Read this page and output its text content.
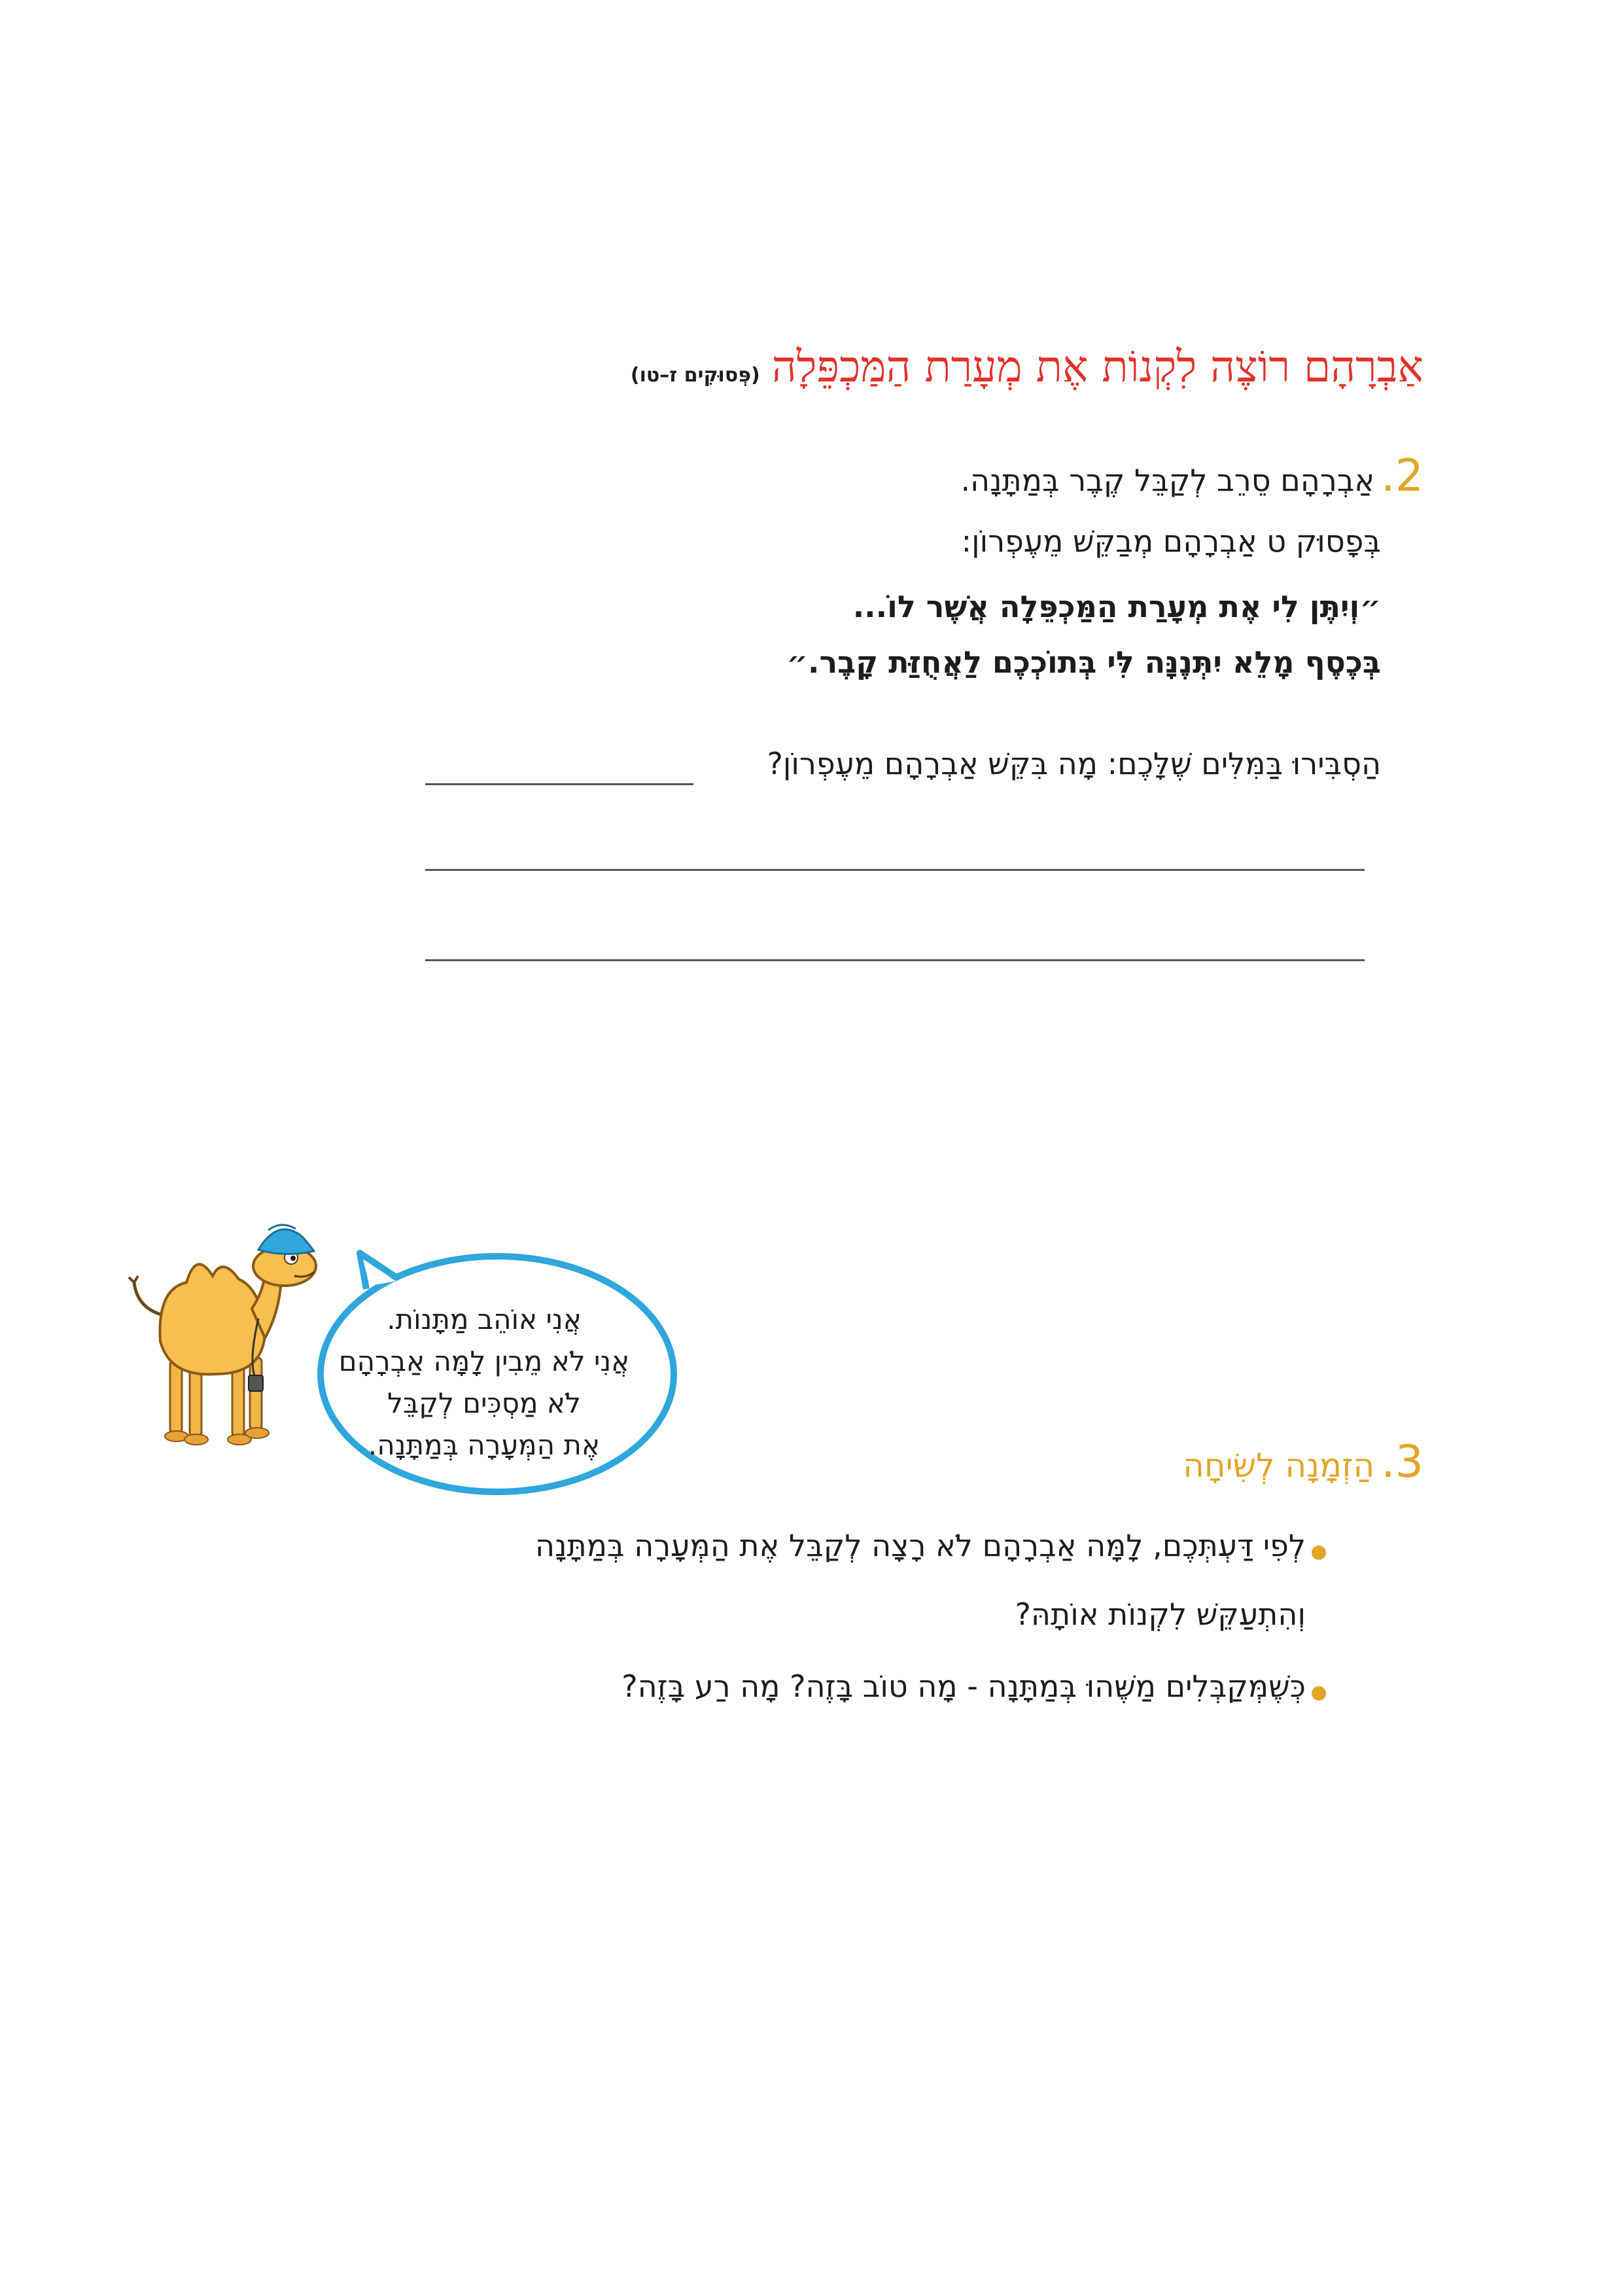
אַבְרָהָם רוֹצֶה לִקְנוֹת אֶת מְעָרַת הַמַּכְפֵּלָה
(פְּסוּקִים ז–טו)
2.
אַבְרָהָם סֵרֵב לְקַבֵּל קֶבֶר בְּמַתָּנָה.
בְּפָסוּק ט אַבְרָהָם מְבַקֵּשׁ מֵעֶפְרוֹן:
״וְיִתֶּן לִי אֶת מְעָרַת הַמַּכְפֵּלָה אֲשֶׁר לוֹ...
בְּכֶסֶף מָלֵא יִתְּנֶנָּה לִּי בְּתוֹכְכֶם לַאֲחֻזַּת קָבֶר.״
הַסְבִּירוּ בַּמִּלִּים שֶׁלָּכֶם: מָה בִּקֵּשׁ אַבְרָהָם מֵעֶפְרוֹן?
אֲנִי אוֹהֵב מַתָּנוֹת.
אֲנִי לֹא מֵבִין לָמָּה אַבְרָהָם
לֹא מַסְכִּים לְקַבֵּל
אֶת הַמְּעָרָה בְּמַתָּנָה.	3.
הַזְמָנָה לְשִׂיחָה
לְפִי דַּעְתְּכֶם, לָמָּה אַבְרָהָם לֹא רָצָה לְקַבֵּל אֶת הַמְּעָרָה בְּמַתָּנָה
וְהִתְעַקֵּשׁ לִקְנוֹת אוֹתָהּ?
כְּשֶׁמְּקַבְּלִים מַשֶּׁהוּ בְּמַתָּנָה - מָה טוֹב בָּזֶה? מָה רַע בָּזֶה?
